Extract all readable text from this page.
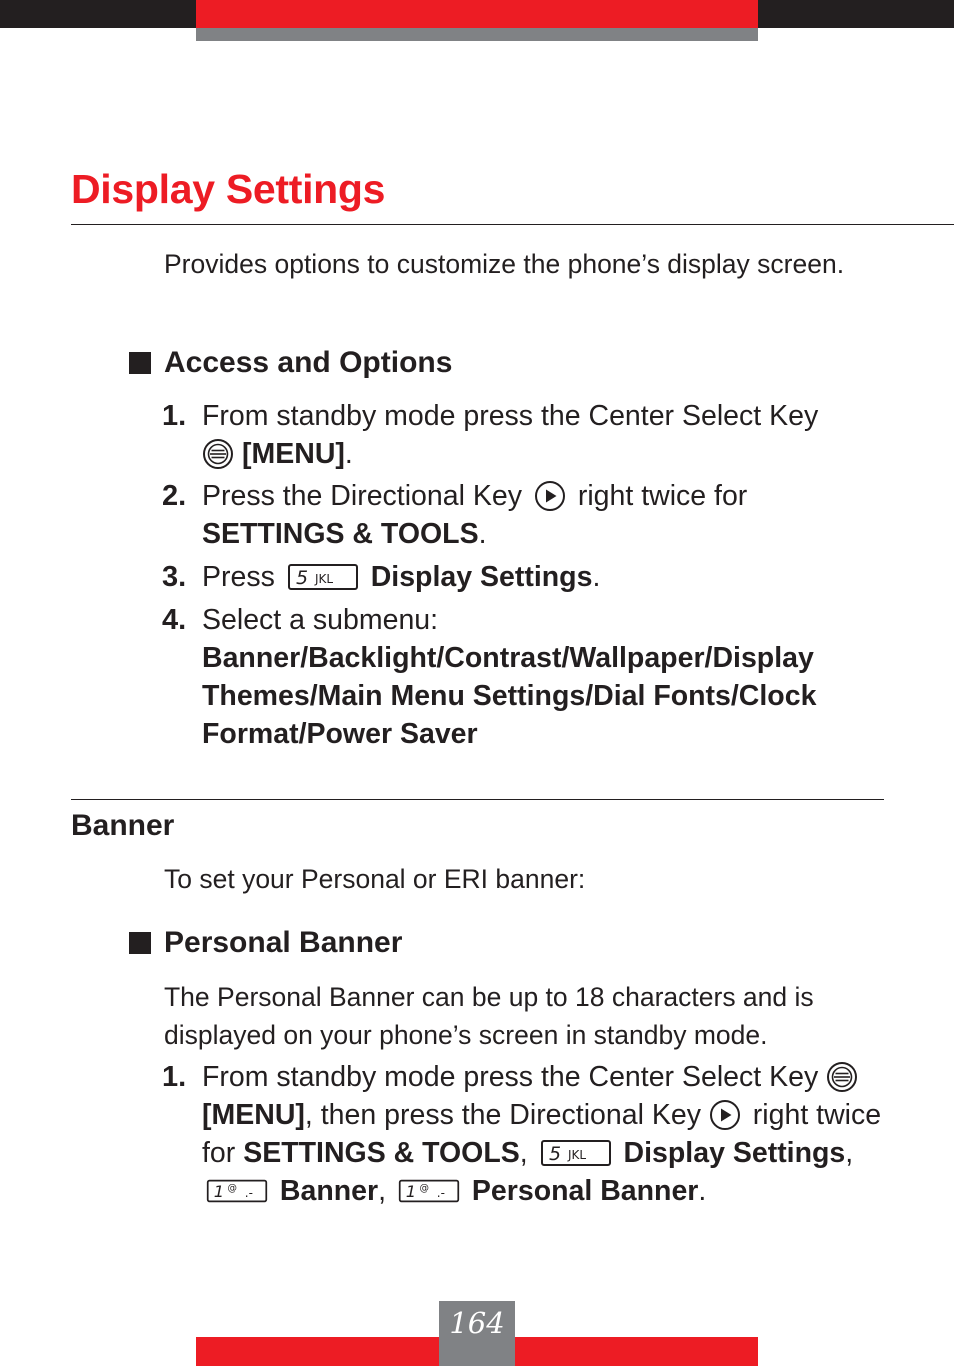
Display Settings

Provides options to customize the phone’s display screen.

Access and Options
1. From standby mode press the Center Select Key
[MENU].
2. Press the Directional Key right twice for
SETTINGS & TOOLS.
3. Press 5 JKL Display Settings.
4. Select a submenu:
Banner/Backlight/Contrast/Wallpaper/Display Themes/Main Menu Settings/Dial Fonts/Clock Format/Power Saver
Banner

To set your Personal or ERI banner:

Personal Banner

The Personal Banner can be up to 18 characters and is displayed on your phone’s screen in standby mode.

1. From standby mode press the Center Select Key [MENU], then press the Directional Key right twice for SETTINGS & TOOLS, 5 JKL Display Settings,
1 @ .- Banner, 1 @ .- Personal Banner.
164
